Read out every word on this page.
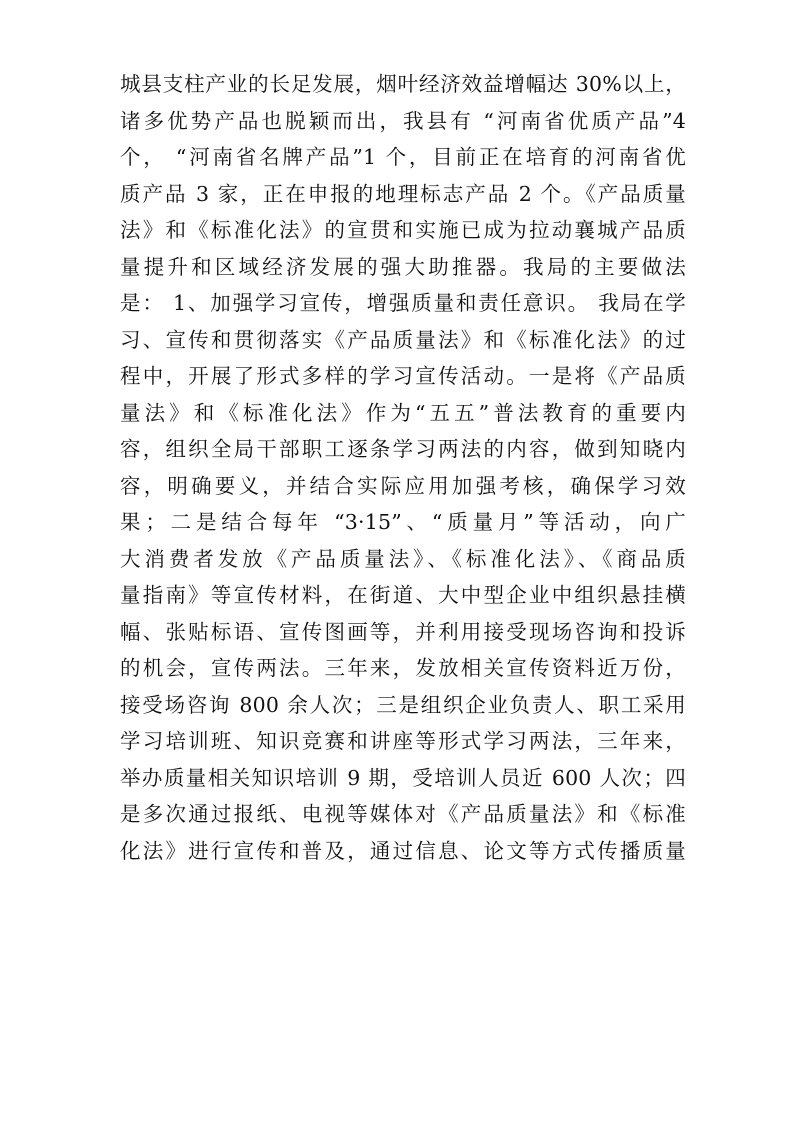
城县支柱产业的长足发展，烟叶经济效益增幅达 30%以上，
诸多优势产品也脱颖而出，我县有 “河南省优质产品”4
个， “河南省名牌产品”1 个，目前正在培育的河南省优
质产品 3 家，正在申报的地理标志产品 2 个。《产品质量
法》和《标准化法》的宣贯和实施已成为拉动襄城产品质
量提升和区域经济发展的强大助推器。我局的主要做法
是： 1、加强学习宣传，增强质量和责任意识。 我局在学
习、宣传和贯彻落实《产品质量法》和《标准化法》的过
程中，开展了形式多样的学习宣传活动。一是将《产品质
量法》和《标准化法》作为“五五”普法教育的重要内
容，组织全局干部职工逐条学习两法的内容，做到知晓内
容，明确要义，并结合实际应用加强考核，确保学习效
果；二是结合每年 “3·15”、“质量月”等活动，向广
大消费者发放《产品质量法》、《标准化法》、《商品质
量指南》等宣传材料，在街道、大中型企业中组织悬挂横
幅、张贴标语、宣传图画等，并利用接受现场咨询和投诉
的机会，宣传两法。三年来，发放相关宣传资料近万份，
接受场咨询 800 余人次；三是组织企业负责人、职工采用
学习培训班、知识竞赛和讲座等形式学习两法，三年来，
举办质量相关知识培训 9 期，受培训人员近 600 人次；四
是多次通过报纸、电视等媒体对《产品质量法》和《标准
化法》进行宣传和普及，通过信息、论文等方式传播质量
